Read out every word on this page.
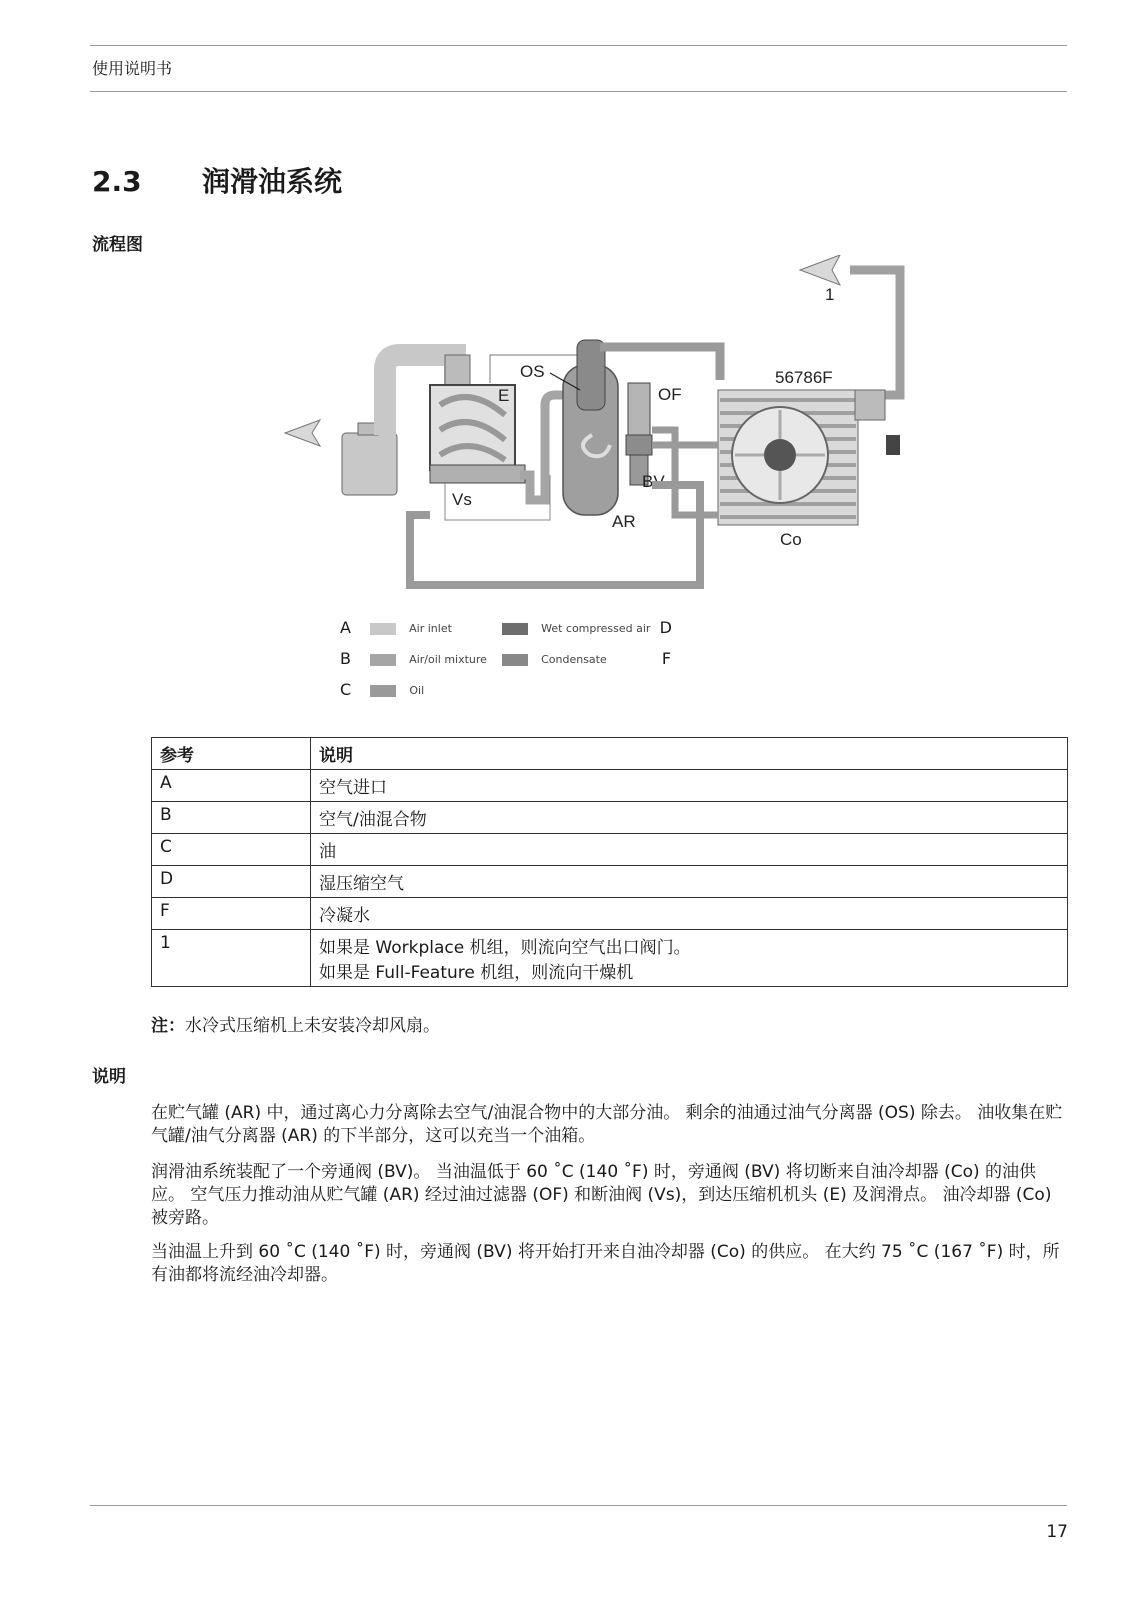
使用说明书
2.3 润滑油系统
流程图
1
E
Vs
OS
AR
OF
BV
56786F
Co
A	Air inlet
B	Air/oil mixture
C	Oil
Wet compressed air D
Condensate	F
参考	说明
A	空气进口
B	空气/油混合物
C	油
D	湿压缩空气
F	冷凝水
1	如果是 Workplace 机组，则流向空气出口阀门。
如果是 Full-Feature 机组，则流向干燥机
注：水冷式压缩机上未安装冷却风扇。
说明
在贮气罐 (AR) 中，通过离心力分离除去空气/油混合物中的大部分油。 剩余的油通过油气分离器 (OS) 除去。 油收集在贮气罐/油气分离器 (AR) 的下半部分，这可以充当一个油箱。
润滑油系统装配了一个旁通阀 (BV)。 当油温低于 60 ˚C (140 ˚F) 时，旁通阀 (BV) 将切断来自油冷却器 (Co) 的油供应。 空气压力推动油从贮气罐 (AR) 经过油过滤器 (OF) 和断油阀 (Vs)，到达压缩机机头 (E) 及润滑点。 油冷却器 (Co) 被旁路。
当油温上升到 60 ˚C (140 ˚F) 时，旁通阀 (BV) 将开始打开来自油冷却器 (Co) 的供应。 在大约 75 ˚C (167 ˚F) 时，所有油都将流经油冷却器。
17
